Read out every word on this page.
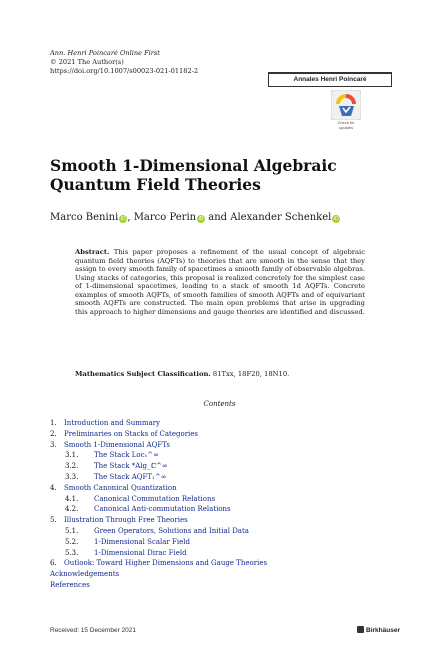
Ann. Henri Poincaré Online First
© 2021 The Author(s)
https://doi.org/10.1007/s00023-021-01182-2
Annales Henri Poincaré
Check for
updates
Smooth 1-Dimensional Algebraic Quantum Field Theories
Marco Benini iD , Marco Perin iD and Alexander Schenkel iD
Abstract. This paper proposes a refinement of the usual concept of algebraic quantum field theories (AQFTs) to theories that are smooth in the sense that they assign to every smooth family of spacetimes a smooth family of observable algebras. Using stacks of categories, this proposal is realized concretely for the simplest case of 1-dimensional spacetimes, leading to a stack of smooth 1d AQFTs. Concrete examples of smooth AQFTs, of smooth families of smooth AQFTs and of equivariant smooth AQFTs are constructed. The main open problems that arise in upgrading this approach to higher dimensions and gauge theories are identified and discussed.
Mathematics Subject Classification. 81Txx, 18F20, 18N10.
Contents
1.	Introduction and Summary
2.	Preliminaries on Stacks of Categories
3.	Smooth 1-Dimensional AQFTs
3.1. The Stack Loc₁^∞
3.2. The Stack *Alg_ℂ^∞
3.3. The Stack AQFT₁^∞
4.	Smooth Canonical Quantization
4.1. Canonical Commutation Relations
4.2. Canonical Anti-commutation Relations
5.	Illustration Through Free Theories
5.1. Green Operators, Solutions and Initial Data
5.2. 1-Dimensional Scalar Field
5.3. 1-Dimensional Dirac Field
6.	Outlook: Toward Higher Dimensions and Gauge Theories
Acknowledgements
References
Received: 15 December 2021	Birkhäuser
